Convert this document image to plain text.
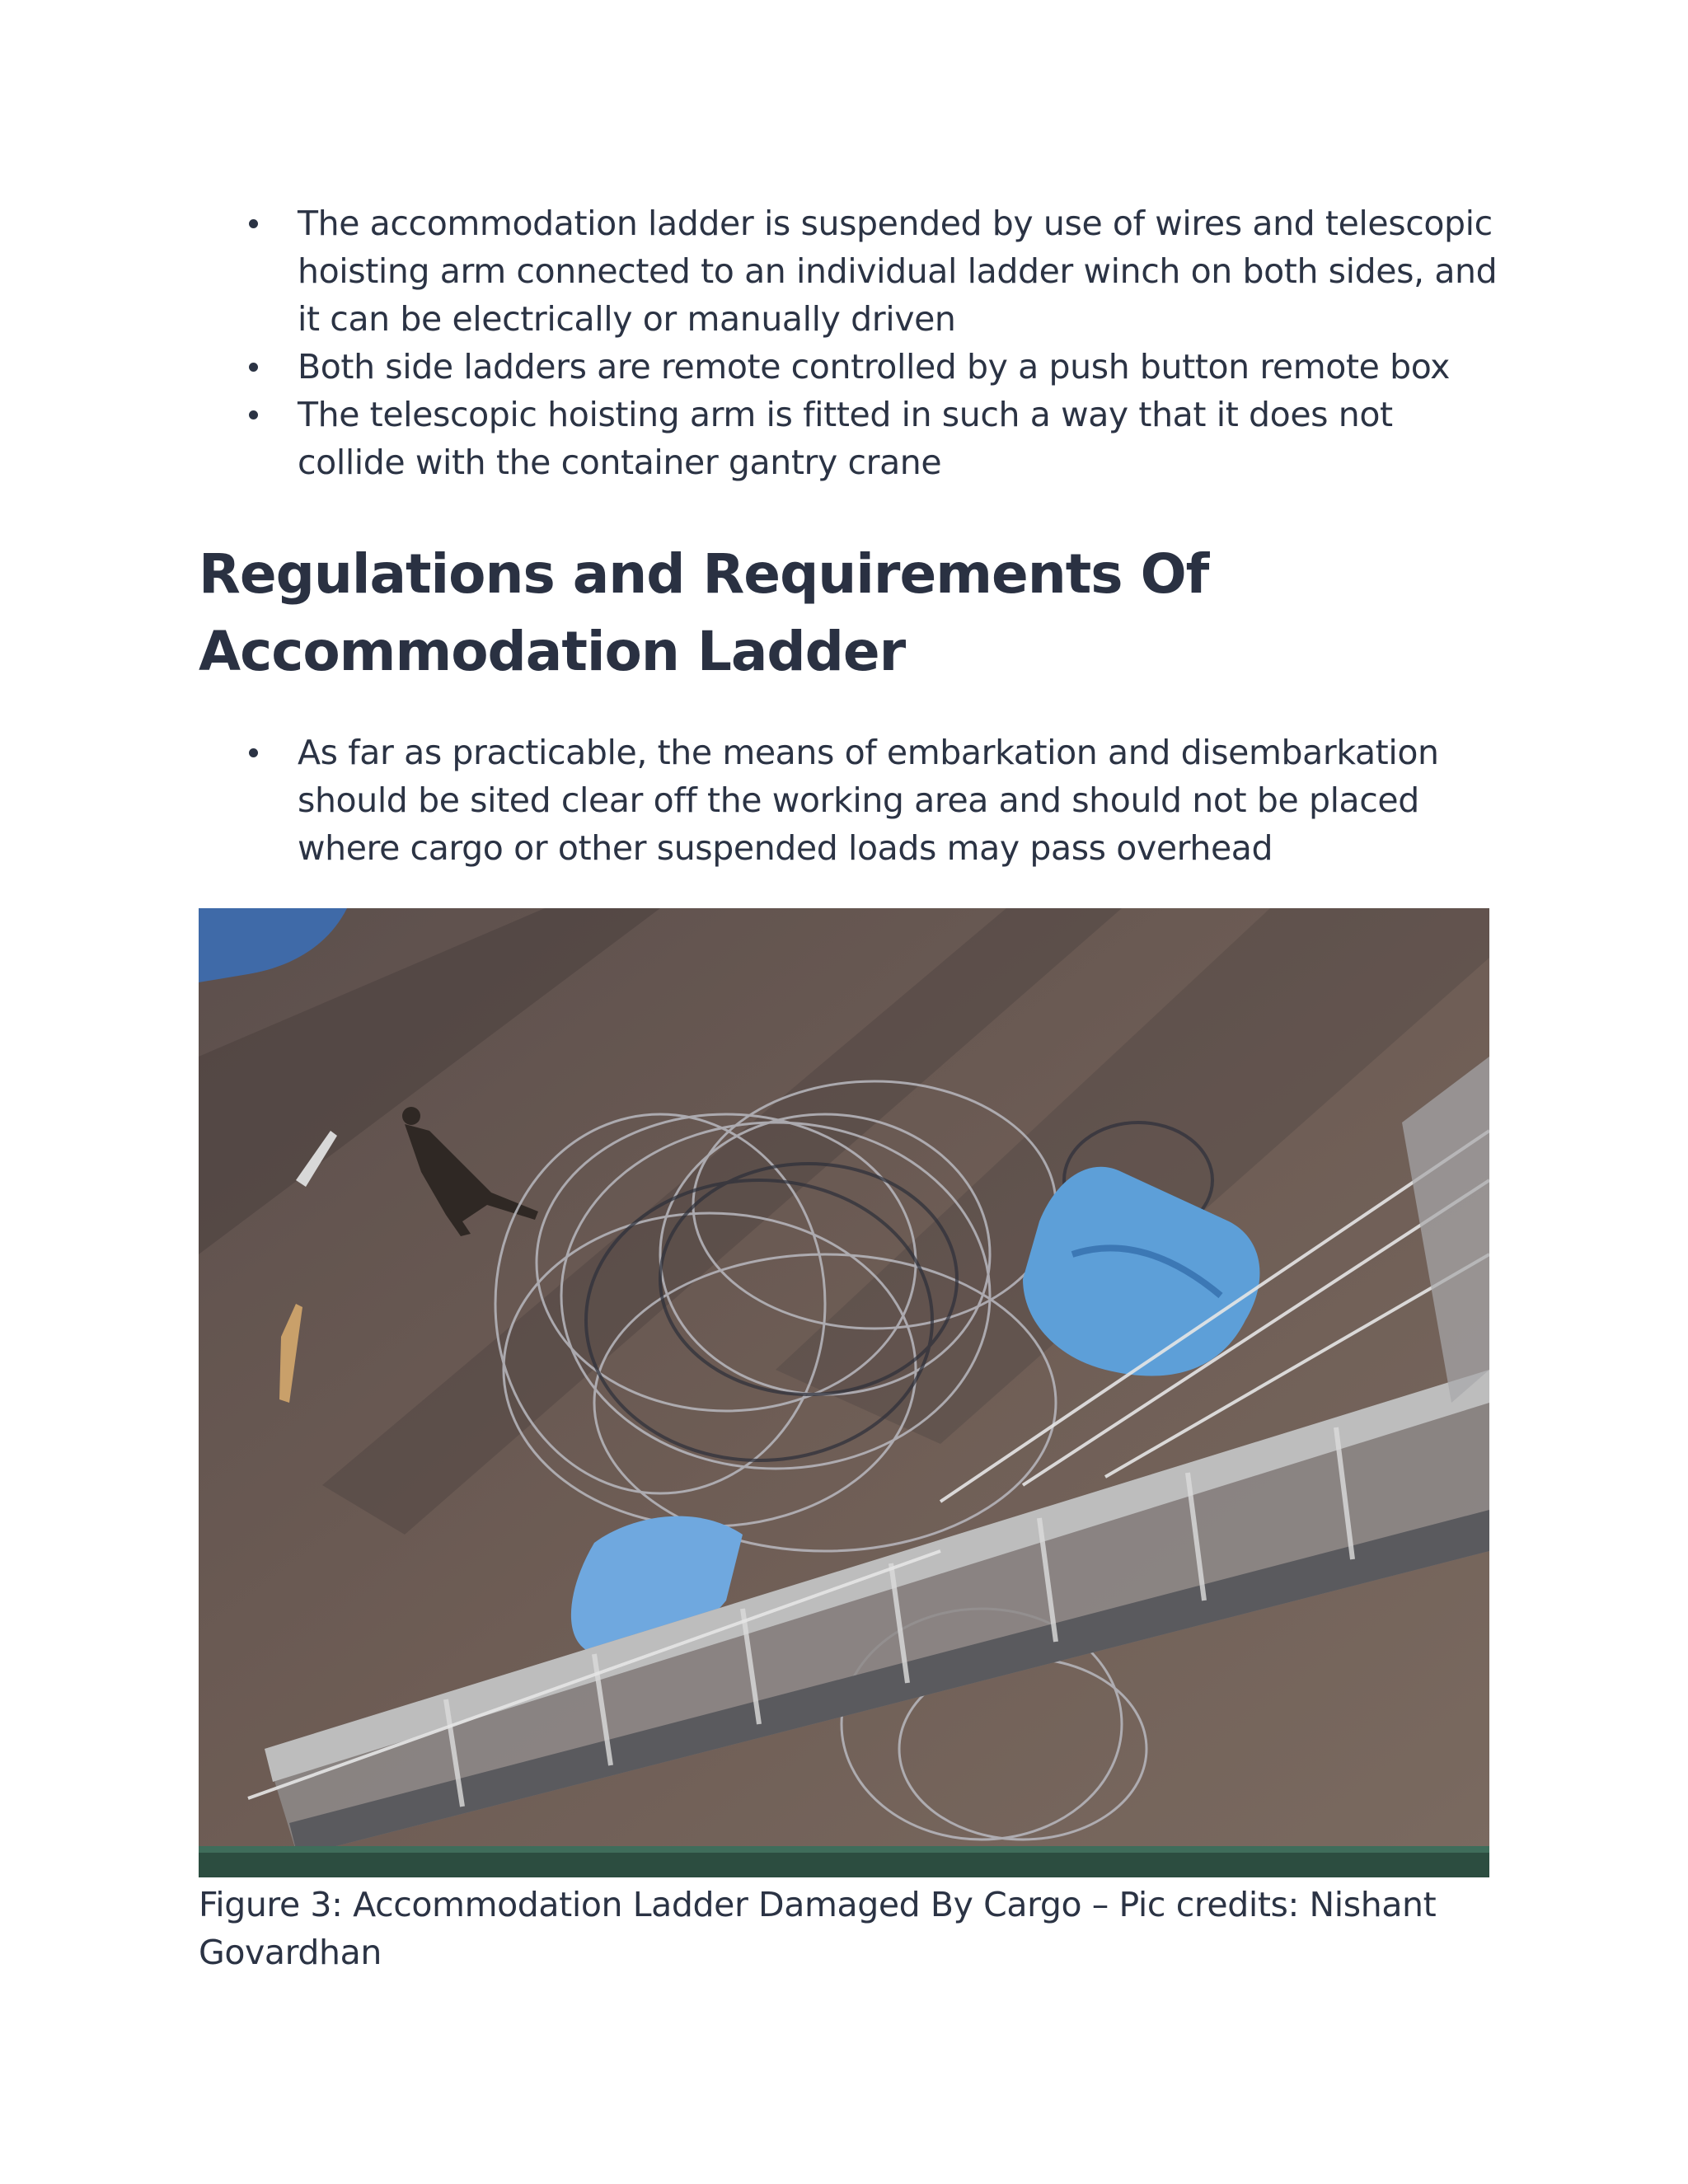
The accommodation ladder is suspended by use of wires and telescopic hoisting arm connected to an individual ladder winch on both sides, and it can be electrically or manually driven
Both side ladders are remote controlled by a push button remote box
The telescopic hoisting arm is fitted in such a way that it does not collide with the container gantry crane
Regulations and Requirements Of Accommodation Ladder
As far as practicable, the means of embarkation and disembarkation should be sited clear off the working area and should not be placed where cargo or other suspended loads may pass overhead

Figure 3: Accommodation Ladder Damaged By Cargo – Pic credits: Nishant Govardhan
